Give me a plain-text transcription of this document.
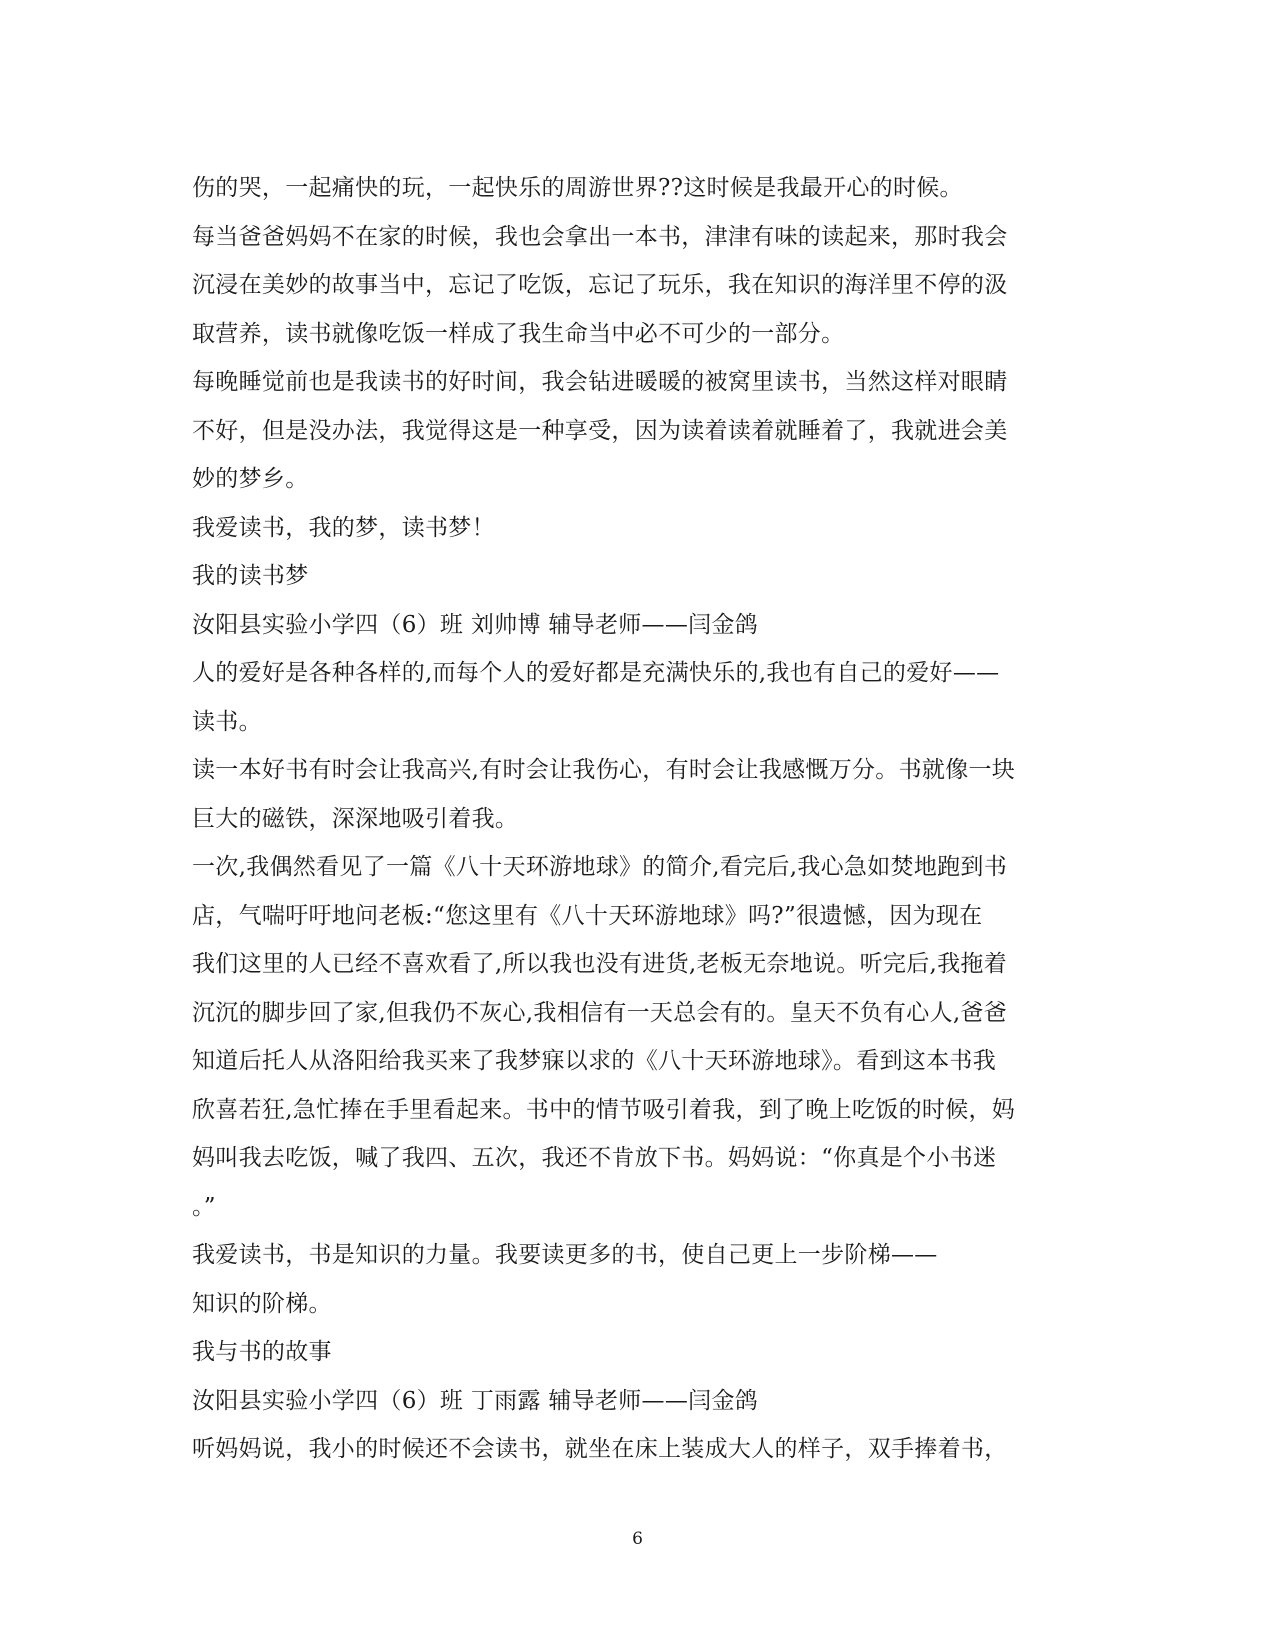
伤的哭，一起痛快的玩，一起快乐的周游世界??这时候是我最开心的时候。
每当爸爸妈妈不在家的时候，我也会拿出一本书，津津有味的读起来，那时我会
沉浸在美妙的故事当中，忘记了吃饭，忘记了玩乐，我在知识的海洋里不停的汲
取营养，读书就像吃饭一样成了我生命当中必不可少的一部分。
每晚睡觉前也是我读书的好时间，我会钻进暖暖的被窝里读书，当然这样对眼睛
不好，但是没办法，我觉得这是一种享受，因为读着读着就睡着了，我就进会美
妙的梦乡。
我爱读书，我的梦，读书梦！
我的读书梦
汝阳县实验小学四（6）班 刘帅博 辅导老师——闫金鸽
人的爱好是各种各样的,而每个人的爱好都是充满快乐的,我也有自己的爱好——
读书。
读一本好书有时会让我高兴,有时会让我伤心，有时会让我感慨万分。书就像一块
巨大的磁铁，深深地吸引着我。
一次,我偶然看见了一篇《八十天环游地球》的简介,看完后,我心急如焚地跑到书
店，气喘吁吁地问老板:“您这里有《八十天环游地球》吗?”很遗憾，因为现在
我们这里的人已经不喜欢看了,所以我也没有进货,老板无奈地说。听完后,我拖着
沉沉的脚步回了家,但我仍不灰心,我相信有一天总会有的。皇天不负有心人,爸爸
知道后托人从洛阳给我买来了我梦寐以求的《八十天环游地球》。看到这本书我
欣喜若狂,急忙捧在手里看起来。书中的情节吸引着我，到了晚上吃饭的时候，妈
妈叫我去吃饭，喊了我四、五次，我还不肯放下书。妈妈说：“你真是个小书迷
。”
我爱读书，书是知识的力量。我要读更多的书，使自己更上一步阶梯——
知识的阶梯。
我与书的故事
汝阳县实验小学四（6）班 丁雨露 辅导老师——闫金鸽
听妈妈说，我小的时候还不会读书，就坐在床上装成大人的样子，双手捧着书，
6
